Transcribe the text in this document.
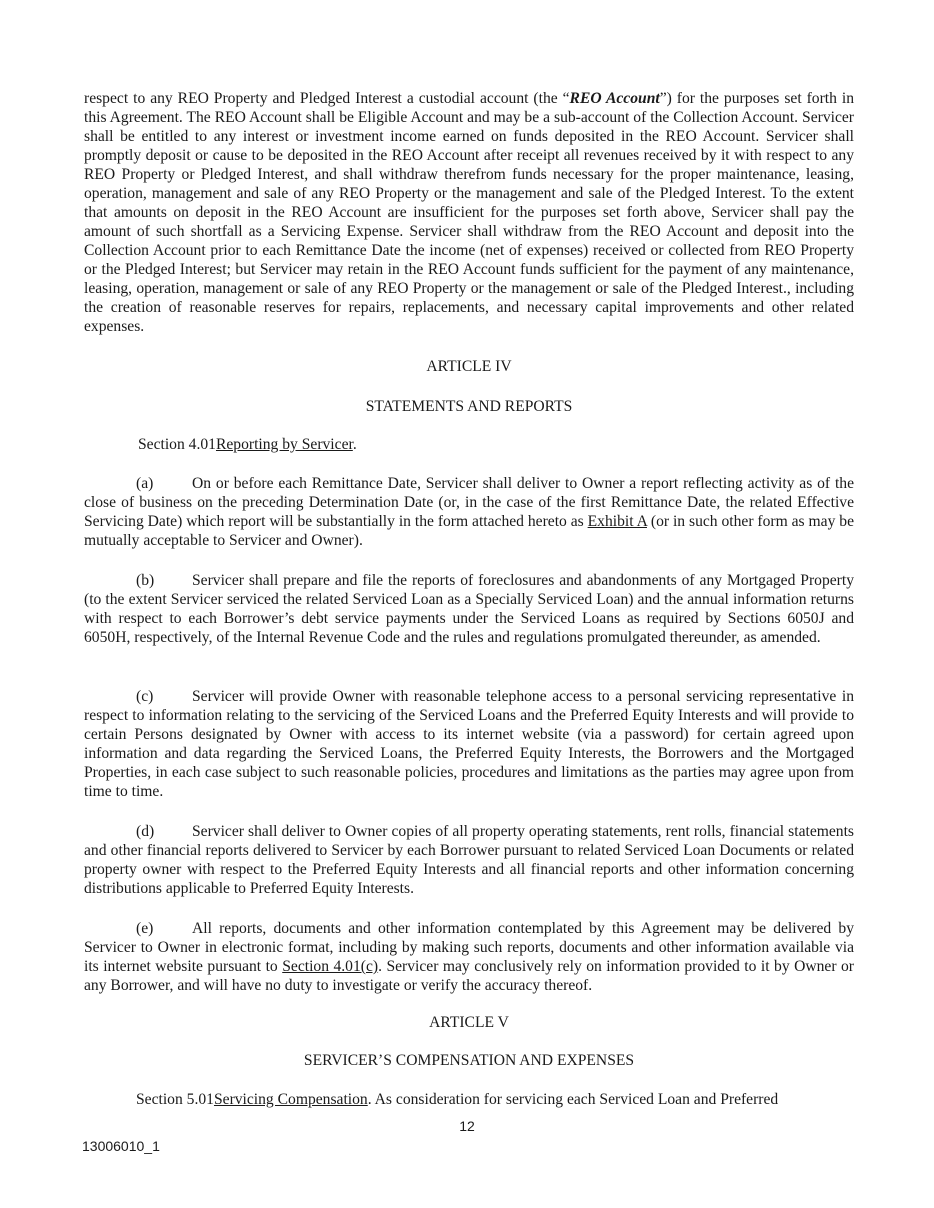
respect to any REO Property and Pledged Interest a custodial account (the “REO Account”) for the purposes set forth in this Agreement. The REO Account shall be Eligible Account and may be a sub-account of the Collection Account. Servicer shall be entitled to any interest or investment income earned on funds deposited in the REO Account. Servicer shall promptly deposit or cause to be deposited in the REO Account after receipt all revenues received by it with respect to any REO Property or Pledged Interest, and shall withdraw therefrom funds necessary for the proper maintenance, leasing, operation, management and sale of any REO Property or the management and sale of the Pledged Interest. To the extent that amounts on deposit in the REO Account are insufficient for the purposes set forth above, Servicer shall pay the amount of such shortfall as a Servicing Expense. Servicer shall withdraw from the REO Account and deposit into the Collection Account prior to each Remittance Date the income (net of expenses) received or collected from REO Property or the Pledged Interest; but Servicer may retain in the REO Account funds sufficient for the payment of any maintenance, leasing, operation, management or sale of any REO Property or the management or sale of the Pledged Interest., including the creation of reasonable reserves for repairs, replacements, and necessary capital improvements and other related expenses.

ARTICLE IV

STATEMENTS AND REPORTS

Section 4.01Reporting by Servicer.

(a) On or before each Remittance Date, Servicer shall deliver to Owner a report reflecting activity as of the close of business on the preceding Determination Date (or, in the case of the first Remittance Date, the related Effective Servicing Date) which report will be substantially in the form attached hereto as Exhibit A (or in such other form as may be mutually acceptable to Servicer and Owner).

(b) Servicer shall prepare and file the reports of foreclosures and abandonments of any Mortgaged Property (to the extent Servicer serviced the related Serviced Loan as a Specially Serviced Loan) and the annual information returns with respect to each Borrower’s debt service payments under the Serviced Loans as required by Sections 6050J and 6050H, respectively, of the Internal Revenue Code and the rules and regulations promulgated thereunder, as amended.

(c) Servicer will provide Owner with reasonable telephone access to a personal servicing representative in respect to information relating to the servicing of the Serviced Loans and the Preferred Equity Interests and will provide to certain Persons designated by Owner with access to its internet website (via a password) for certain agreed upon information and data regarding the Serviced Loans, the Preferred Equity Interests, the Borrowers and the Mortgaged Properties, in each case subject to such reasonable policies, procedures and limitations as the parties may agree upon from time to time.

(d) Servicer shall deliver to Owner copies of all property operating statements, rent rolls, financial statements and other financial reports delivered to Servicer by each Borrower pursuant to related Serviced Loan Documents or related property owner with respect to the Preferred Equity Interests and all financial reports and other information concerning distributions applicable to Preferred Equity Interests.

(e) All reports, documents and other information contemplated by this Agreement may be delivered by Servicer to Owner in electronic format, including by making such reports, documents and other information available via its internet website pursuant to Section 4.01(c). Servicer may conclusively rely on information provided to it by Owner or any Borrower, and will have no duty to investigate or verify the accuracy thereof.

ARTICLE V

SERVICER’S COMPENSATION AND EXPENSES

Section 5.01Servicing Compensation. As consideration for servicing each Serviced Loan and Preferred

12
13006010_1
